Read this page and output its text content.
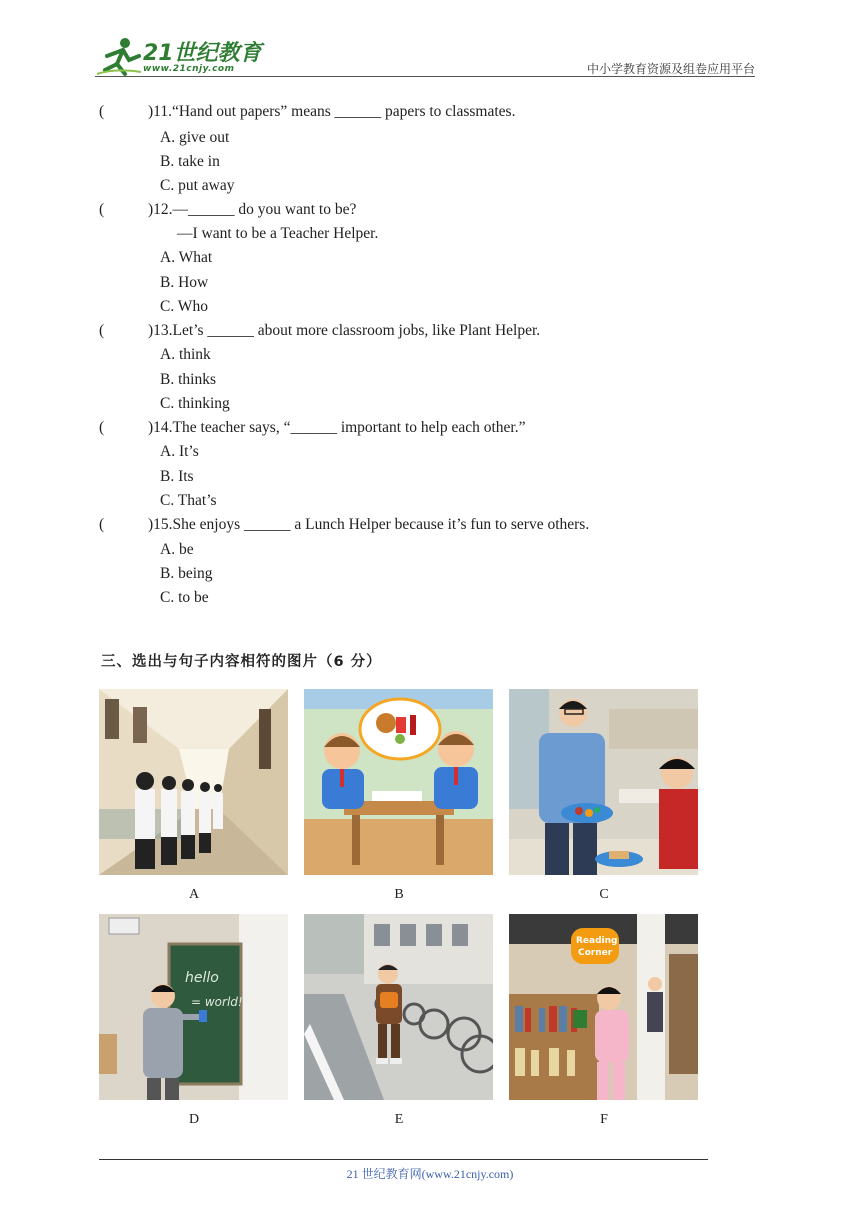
21世纪教育
www.21cnjy.com	中小学教育资源及组卷应用平台
(	)11.“Hand out papers” means ______ papers to classmates.
A. give out
B. take in
C. put away
(	)12.—______ do you want to be?
—I want to be a Teacher Helper.
A. What
B. How
C. Who
(	)13.Let’s ______ about more classroom jobs, like Plant Helper.
A. think
B. thinks
C. thinking
(	)14.The teacher says, “______ important to help each other.”
A. It’s
B. Its
C. That’s
(	)15.She enjoys ______ a Lunch Helper because it’s fun to serve others.
A. be
B. being
C. to be
三、选出与句子内容相符的图片（6 分）
A	B	C
hello
= world!
D	E
Reading
Corner
F
21 世纪教育网(www.21cnjy.com)
